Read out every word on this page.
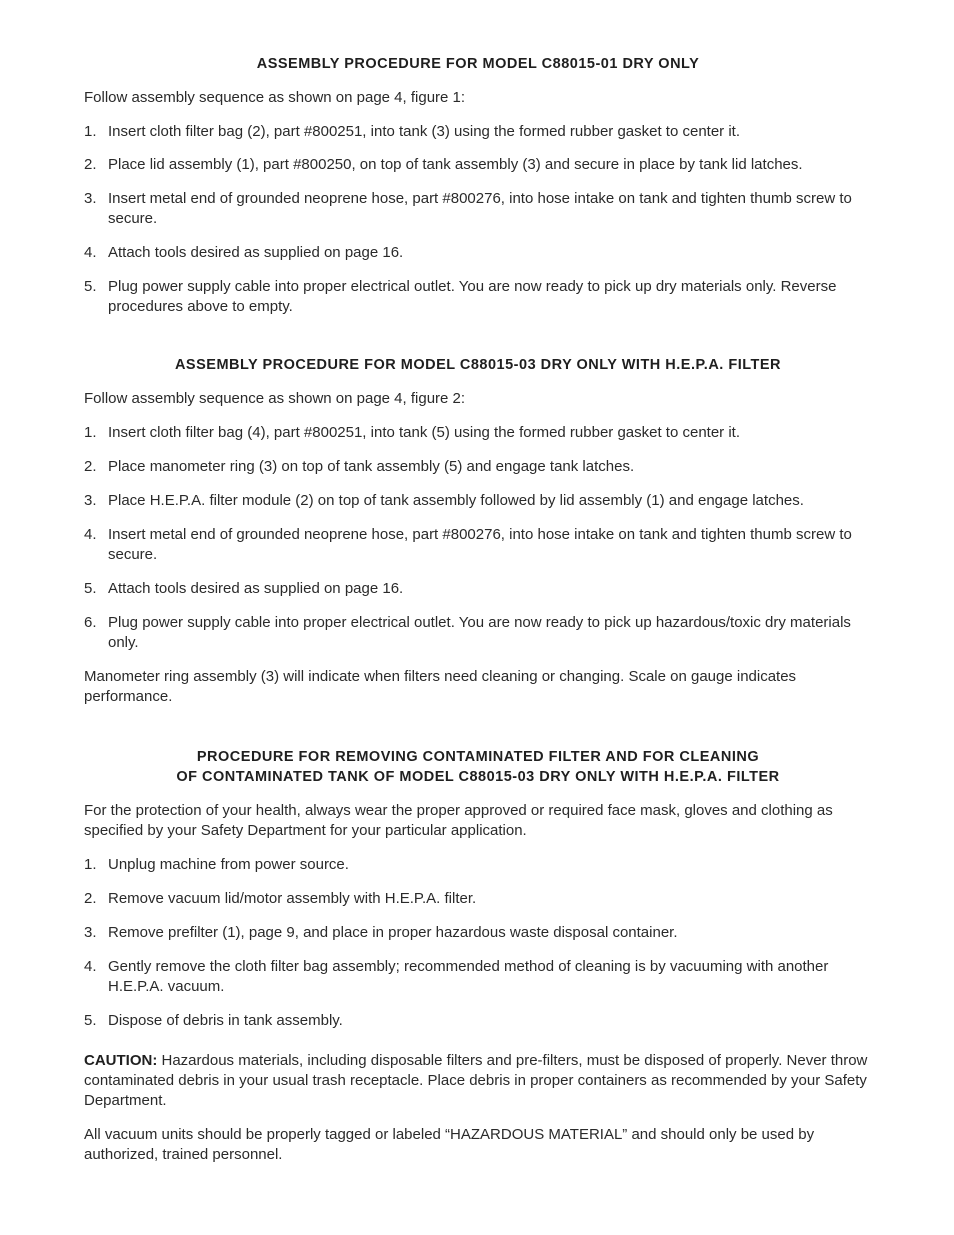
ASSEMBLY PROCEDURE FOR MODEL C88015-01 DRY ONLY

Follow assembly sequence as shown on page 4, figure 1:

1. Insert cloth filter bag (2), part #800251, into tank (3) using the formed rubber gasket to center it.
2. Place lid assembly (1), part #800250, on top of tank assembly (3) and secure in place by tank lid latches.
3. Insert metal end of grounded neoprene hose, part #800276, into hose intake on tank and tighten thumb screw to secure.
4. Attach tools desired as supplied on page 16.
5. Plug power supply cable into proper electrical outlet. You are now ready to pick up dry materials only. Reverse procedures above to empty.
ASSEMBLY PROCEDURE FOR MODEL C88015-03 DRY ONLY WITH H.E.P.A. FILTER

Follow assembly sequence as shown on page 4, figure 2:

1. Insert cloth filter bag (4), part #800251, into tank (5) using the formed rubber gasket to center it.
2. Place manometer ring (3) on top of tank assembly (5) and engage tank latches.
3. Place H.E.P.A. filter module (2) on top of tank assembly followed by lid assembly (1) and engage latches.
4. Insert metal end of grounded neoprene hose, part #800276, into hose intake on tank and tighten thumb screw to secure.
5. Attach tools desired as supplied on page 16.
6. Plug power supply cable into proper electrical outlet. You are now ready to pick up hazardous/toxic dry materials only.

Manometer ring assembly (3) will indicate when filters need cleaning or changing. Scale on gauge indicates performance.

PROCEDURE FOR REMOVING CONTAMINATED FILTER AND FOR CLEANING
OF CONTAMINATED TANK OF MODEL C88015-03 DRY ONLY WITH H.E.P.A. FILTER

For the protection of your health, always wear the proper approved or required face mask, gloves and clothing as specified by your Safety Department for your particular application.

1. Unplug machine from power source.
2. Remove vacuum lid/motor assembly with H.E.P.A. filter.
3. Remove prefilter (1), page 9, and place in proper hazardous waste disposal container.
4. Gently remove the cloth filter bag assembly; recommended method of cleaning is by vacuuming with another H.E.P.A. vacuum.
5. Dispose of debris in tank assembly.

CAUTION: Hazardous materials, including disposable filters and pre-filters, must be disposed of properly. Never throw contaminated debris in your usual trash receptacle. Place debris in proper containers as recommended by your Safety Department.

All vacuum units should be properly tagged or labeled “HAZARDOUS MATERIAL” and should only be used by authorized, trained personnel.
